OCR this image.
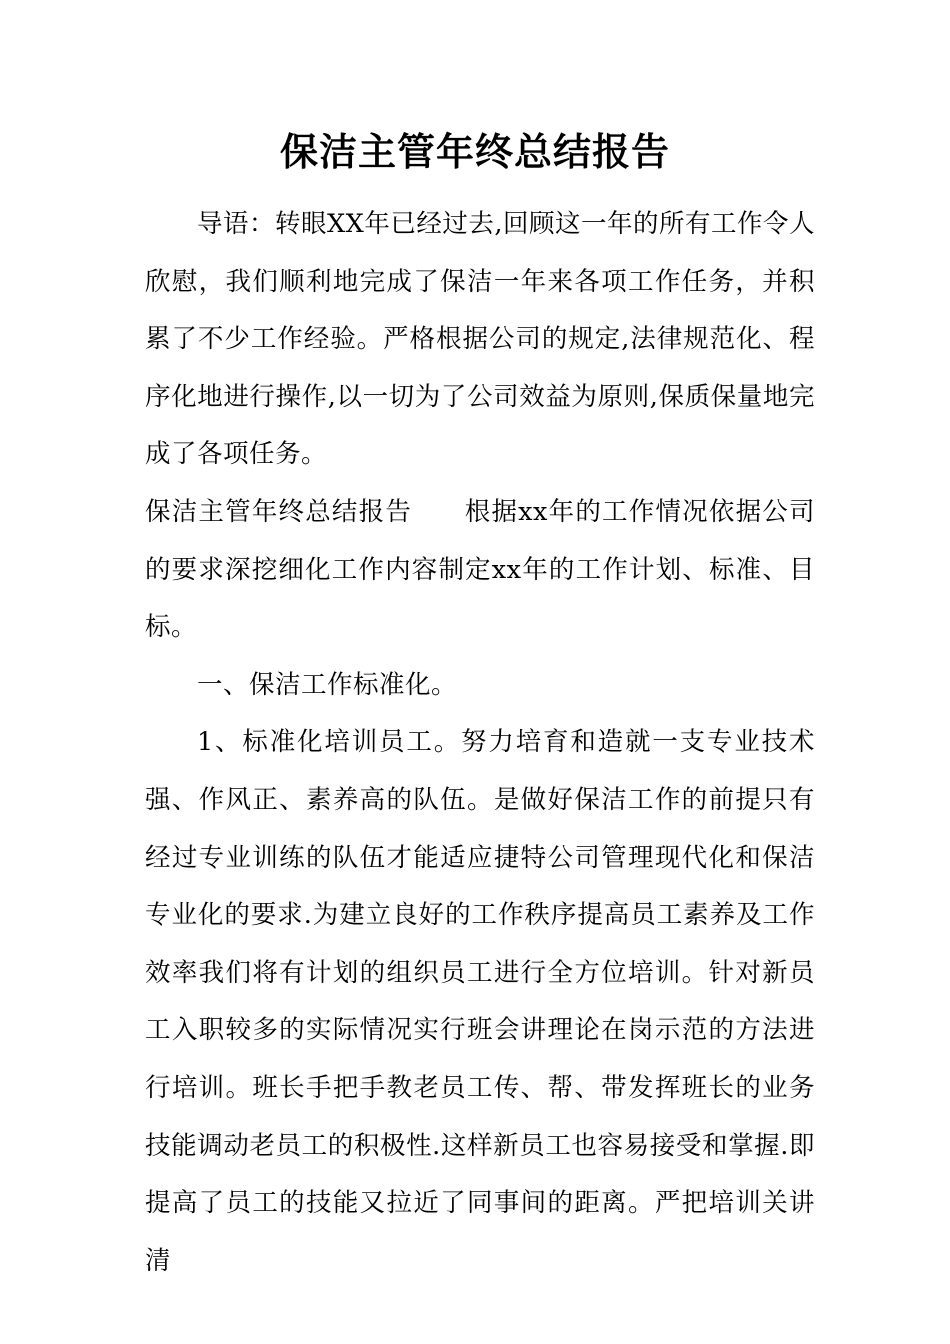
保洁主管年终总结报告

导语：转眼XX年已经过去,回顾这一年的所有工作令人欣慰，我们顺利地完成了保洁一年来各项工作任务，并积累了不少工作经验。严格根据公司的规定,法律规范化、程序化地进行操作,以一切为了公司效益为原则,保质保量地完成了各项任务。

保洁主管年终总结报告 根据xx年的工作情况依据公司的要求深挖细化工作内容制定xx年的工作计划、标准、目标。

一、保洁工作标准化。

1、标准化培训员工。努力培育和造就一支专业技术强、作风正、素养高的队伍。是做好保洁工作的前提只有经过专业训练的队伍才能适应捷特公司管理现代化和保洁专业化的要求.为建立良好的工作秩序提高员工素养及工作效率我们将有计划的组织员工进行全方位培训。针对新员工入职较多的实际情况实行班会讲理论在岗示范的方法进行培训。班长手把手教老员工传、帮、带发挥班长的业务技能调动老员工的积极性.这样新员工也容易接受和掌握.即提高了员工的技能又拉近了同事间的距离。严把培训关讲清
